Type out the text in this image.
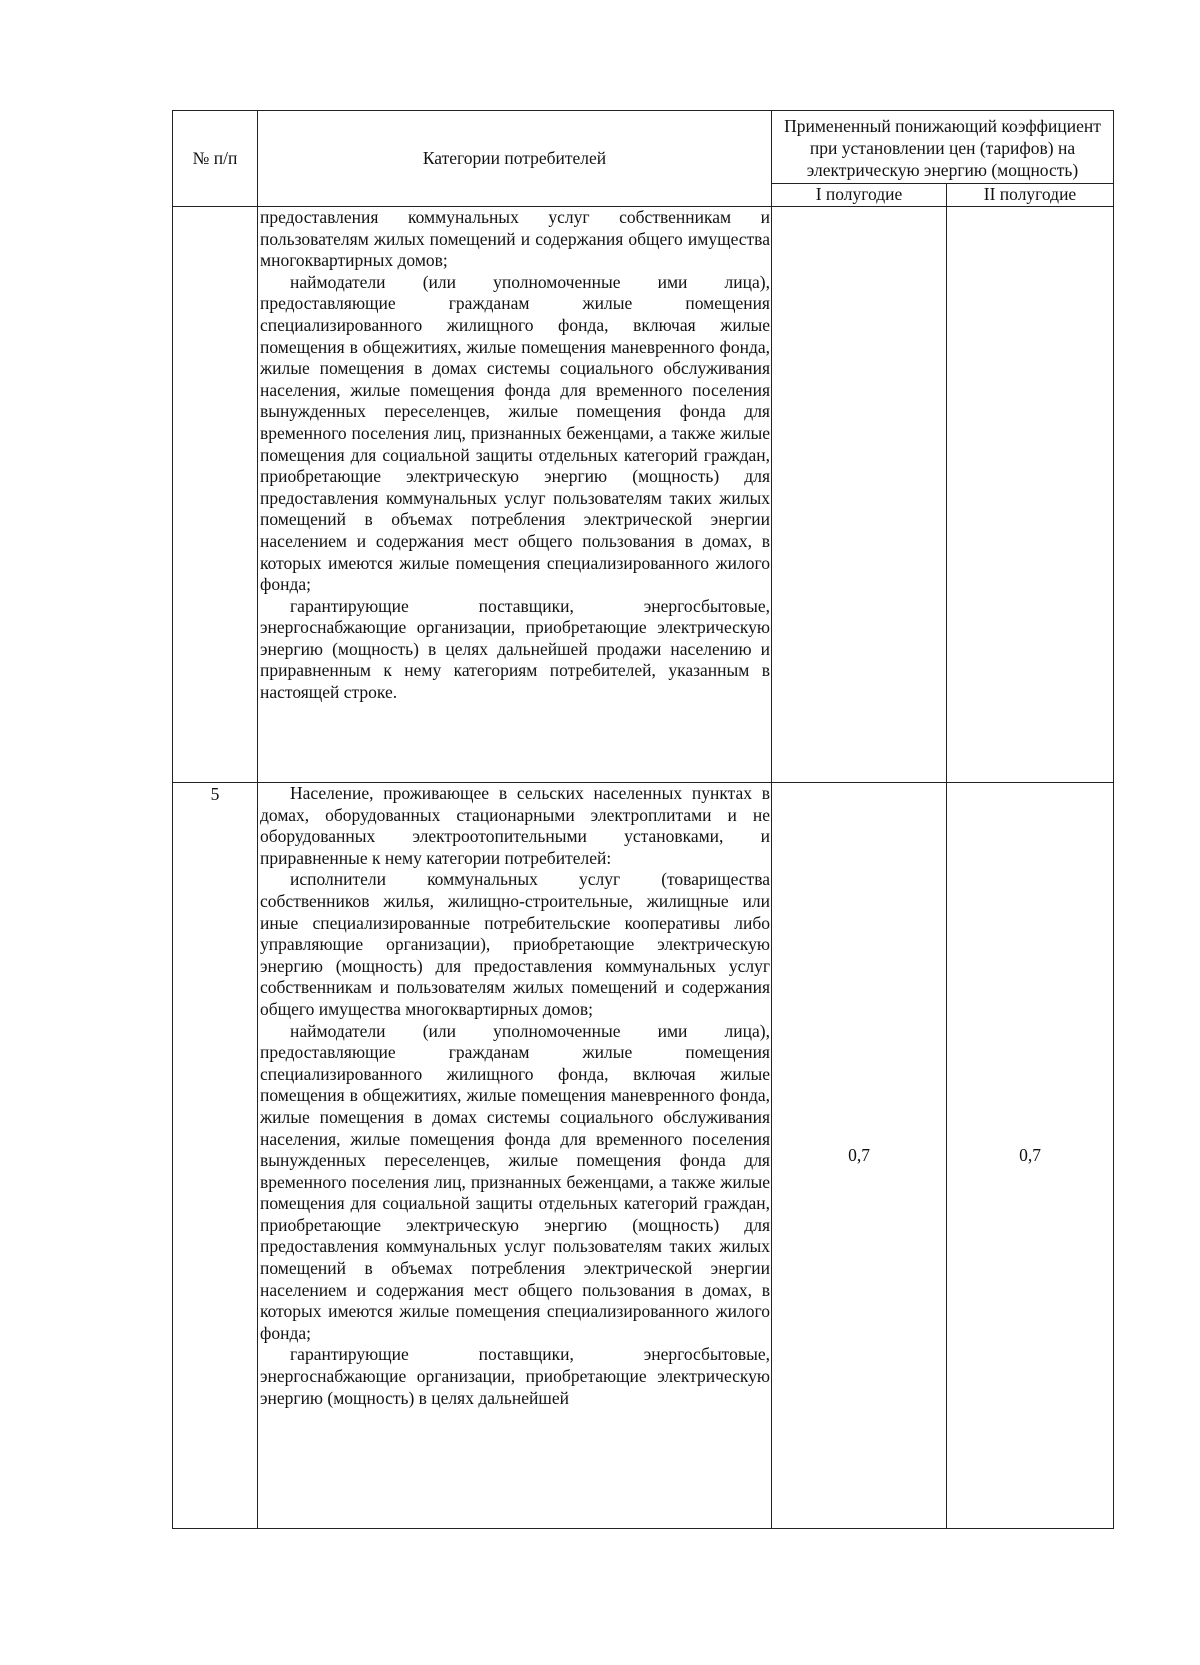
№ п/п	Категории потребителей	Примененный понижающий коэффициент при установлении цен (тарифов) на электрическую энергию (мощность)	
		I полугодие	II полугодие

	предоставления коммунальных услуг собственникам и пользователям жилых помещений и содержания общего имущества многоквартирных домов;

наймодатели (или уполномоченные ими лица), предоставляющие гражданам жилые помещения специализированного жилищного фонда, включая жилые помещения в общежитиях, жилые помещения маневренного фонда, жилые помещения в домах системы социального обслуживания населения, жилые помещения фонда для временного поселения вынужденных переселенцев, жилые помещения фонда для временного поселения лиц, признанных беженцами, а также жилые помещения для социальной защиты отдельных категорий граждан, приобретающие электрическую энергию (мощность) для предоставления коммунальных услуг пользователям таких жилых помещений в объемах потребления электрической энергии населением и содержания мест общего пользования в домах, в которых имеются жилые помещения специализированного жилого фонда;

гарантирующие поставщики, энергосбытовые, энергоснабжающие организации, приобретающие электрическую энергию (мощность) в целях дальнейшей продажи населению и приравненным к нему категориям потребителей, указанным в настоящей строке.		

5	Население, проживающее в сельских населенных пунктах в домах, оборудованных стационарными электроплитами и не оборудованных электроотопительными установками, и приравненные к нему категории потребителей:

исполнители коммунальных услуг (товарищества собственников жилья, жилищно-строительные, жилищные или иные специализированные потребительские кооперативы либо управляющие организации), приобретающие электрическую энергию (мощность) для предоставления коммунальных услуг собственникам и пользователям жилых помещений и содержания общего имущества многоквартирных домов;

наймодатели (или уполномоченные ими лица), предоставляющие гражданам жилые помещения специализированного жилищного фонда, включая жилые помещения в общежитиях, жилые помещения маневренного фонда, жилые помещения в домах системы социального обслуживания населения, жилые помещения фонда для временного поселения вынужденных переселенцев, жилые помещения фонда для временного поселения лиц, признанных беженцами, а также жилые помещения для социальной защиты отдельных категорий граждан, приобретающие электрическую энергию (мощность) для предоставления коммунальных услуг пользователям таких жилых помещений в объемах потребления электрической энергии населением и содержания мест общего пользования в домах, в которых имеются жилые помещения специализированного жилого фонда;

гарантирующие поставщики, энергосбытовые, энергоснабжающие организации, приобретающие электрическую энергию (мощность) в целях дальнейшей	0,7	0,7
